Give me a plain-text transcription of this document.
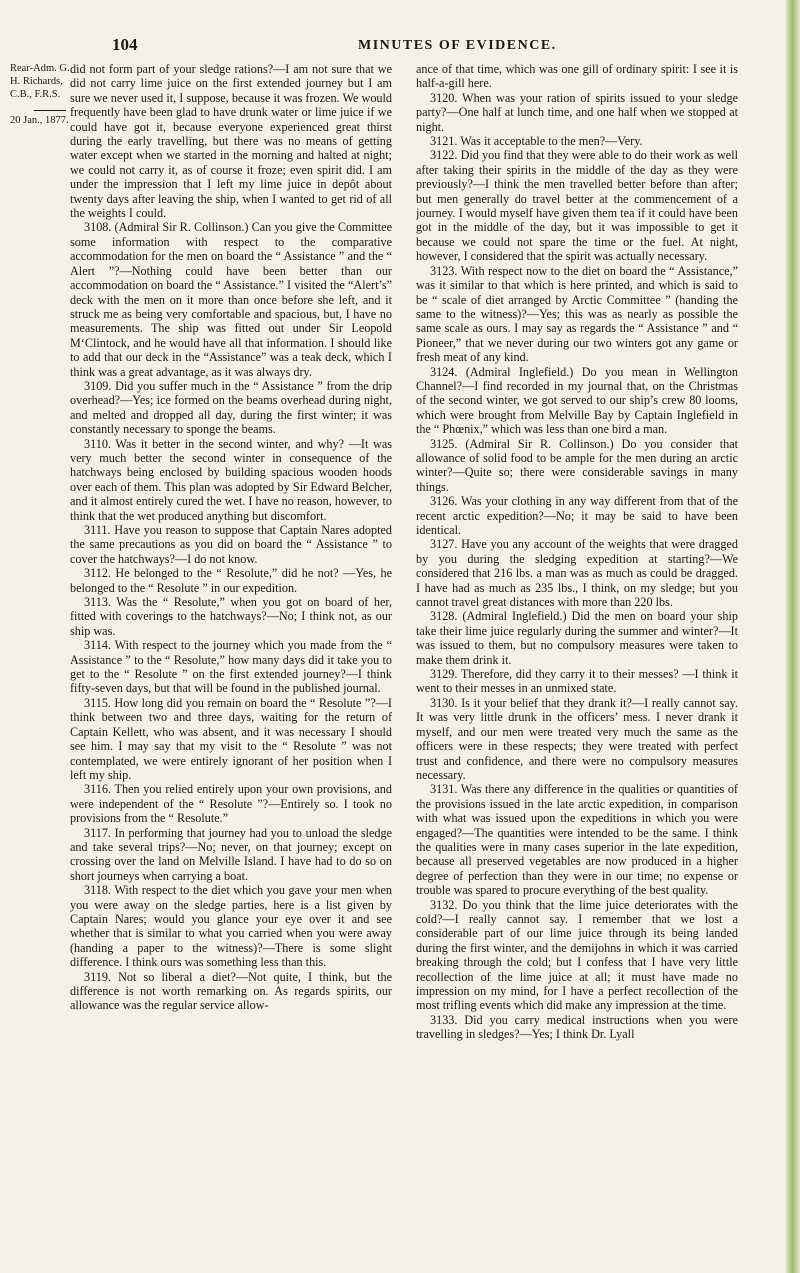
104	MINUTES OF EVIDENCE.
Rear-Adm. G. H. Richards, C.B., F.R.S.
20 Jan., 1877.

did not form part of your sledge rations?—I am not sure that we did not carry lime juice on the first extended journey but I am sure we never used it, I suppose, because it was frozen. We would frequently have been glad to have drunk water or lime juice if we could have got it, because everyone experienced great thirst during the early travelling, but there was no means of getting water except when we started in the morning and halted at night; we could not carry it, as of course it froze; even spirit did. I am under the impression that I left my lime juice in depôt about twenty days after leaving the ship, when I wanted to get rid of all the weights I could.

3108. (Admiral Sir R. Collinson.) Can you give the Committee some information with respect to the comparative accommodation for the men on board the “ Assistance ” and the “ Alert ”?—Nothing could have been better than our accommodation on board the “ Assistance.” I visited the “Alert’s” deck with the men on it more than once before she left, and it struck me as being very comfortable and spacious, but, I have no measurements. The ship was fitted out under Sir Leopold M‘Clintock, and he would have all that information. I should like to add that our deck in the “Assistance” was a teak deck, which I think was a great advantage, as it was always dry.

3109. Did you suffer much in the “ Assistance ” from the drip overhead?—Yes; ice formed on the beams overhead during night, and melted and dropped all day, during the first winter; it was constantly necessary to sponge the beams.

3110. Was it better in the second winter, and why? —It was very much better the second winter in consequence of the hatchways being enclosed by building spacious wooden hoods over each of them. This plan was adopted by Sir Edward Belcher, and it almost entirely cured the wet. I have no reason, however, to think that the wet produced anything but discomfort.

3111. Have you reason to suppose that Captain Nares adopted the same precautions as you did on board the “ Assistance ” to cover the hatchways?—I do not know.

3112. He belonged to the “ Resolute,” did he not? —Yes, he belonged to the “ Resolute ” in our expedition.

3113. Was the “ Resolute,” when you got on board of her, fitted with coverings to the hatchways?—No; I think not, as our ship was.

3114. With respect to the journey which you made from the “ Assistance ” to the “ Resolute,” how many days did it take you to get to the “ Resolute ” on the first extended journey?—I think fifty-seven days, but that will be found in the published journal.

3115. How long did you remain on board the “ Resolute ”?—I think between two and three days, waiting for the return of Captain Kellett, who was absent, and it was necessary I should see him. I may say that my visit to the “ Resolute ” was not contemplated, we were entirely ignorant of her position when I left my ship.

3116. Then you relied entirely upon your own provisions, and were independent of the “ Resolute ”?—Entirely so. I took no provisions from the “ Resolute.”

3117. In performing that journey had you to unload the sledge and take several trips?—No; never, on that journey; except on crossing over the land on Melville Island. I have had to do so on short journeys when carrying a boat.

3118. With respect to the diet which you gave your men when you were away on the sledge parties, here is a list given by Captain Nares; would you glance your eye over it and see whether that is similar to what you carried when you were away (handing a paper to the witness)?—There is some slight difference. I think ours was something less than this.

3119. Not so liberal a diet?—Not quite, I think, but the difference is not worth remarking on. As regards spirits, our allowance was the regular service allow-

ance of that time, which was one gill of ordinary spirit: I see it is half-a-gill here.

3120. When was your ration of spirits issued to your sledge party?—One half at lunch time, and one half when we stopped at night.

3121. Was it acceptable to the men?—Very.

3122. Did you find that they were able to do their work as well after taking their spirits in the middle of the day as they were previously?—I think the men travelled better before than after; but men generally do travel better at the commencement of a journey. I would myself have given them tea if it could have been got in the middle of the day, but it was impossible to get it because we could not spare the time or the fuel. At night, however, I considered that the spirit was actually necessary.

3123. With respect now to the diet on board the “ Assistance,” was it similar to that which is here printed, and which is said to be “ scale of diet arranged by Arctic Committee ” (handing the same to the witness)?—Yes; this was as nearly as possible the same scale as ours. I may say as regards the “ Assistance ” and “ Pioneer,” that we never during our two winters got any game or fresh meat of any kind.

3124. (Admiral Inglefield.) Do you mean in Wellington Channel?—I find recorded in my journal that, on the Christmas of the second winter, we got served to our ship’s crew 80 looms, which were brought from Melville Bay by Captain Inglefield in the “ Phœnix,” which was less than one bird a man.

3125. (Admiral Sir R. Collinson.) Do you consider that allowance of solid food to be ample for the men during an arctic winter?—Quite so; there were considerable savings in many things.

3126. Was your clothing in any way different from that of the recent arctic expedition?—No; it may be said to have been identical.

3127. Have you any account of the weights that were dragged by you during the sledging expedition at starting?—We considered that 216 lbs. a man was as much as could be dragged. I have had as much as 235 lbs., I think, on my sledge; but you cannot travel great distances with more than 220 lbs.

3128. (Admiral Inglefield.) Did the men on board your ship take their lime juice regularly during the summer and winter?—It was issued to them, but no compulsory measures were taken to make them drink it.

3129. Therefore, did they carry it to their messes? —I think it went to their messes in an unmixed state.

3130. Is it your belief that they drank it?—I really cannot say. It was very little drunk in the officers’ mess. I never drank it myself, and our men were treated very much the same as the officers were in these respects; they were treated with perfect trust and confidence, and there were no compulsory measures necessary.

3131. Was there any difference in the qualities or quantities of the provisions issued in the late arctic expedition, in comparison with what was issued upon the expeditions in which you were engaged?—The quantities were intended to be the same. I think the qualities were in many cases superior in the late expedition, because all preserved vegetables are now produced in a higher degree of perfection than they were in our time; no expense or trouble was spared to procure everything of the best quality.

3132. Do you think that the lime juice deteriorates with the cold?—I really cannot say. I remember that we lost a considerable part of our lime juice through its being landed during the first winter, and the demijohns in which it was carried breaking through the cold; but I confess that I have very little recollection of the lime juice at all; it must have made no impression on my mind, for I have a perfect recollection of the most trifling events which did make any impression at the time.

3133. Did you carry medical instructions when you were travelling in sledges?—Yes; I think Dr. Lyall
